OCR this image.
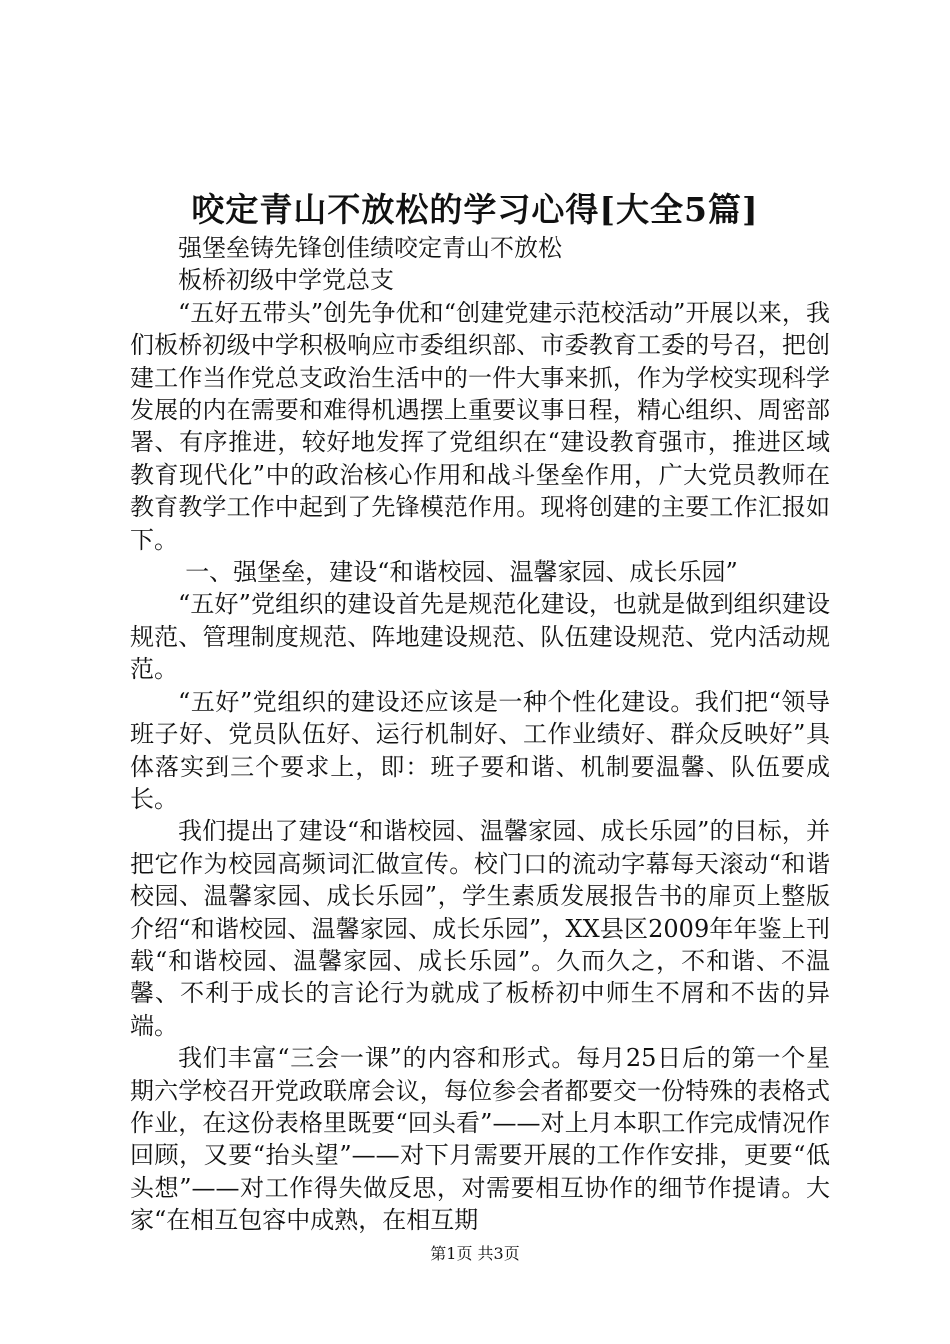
咬定青山不放松的学习心得[大全5篇]

强堡垒铸先锋创佳绩咬定青山不放松

板桥初级中学党总支

“五好五带头”创先争优和“创建党建示范校活动”开展以来，我们板桥初级中学积极响应市委组织部、市委教育工委的号召，把创建工作当作党总支政治生活中的一件大事来抓，作为学校实现科学发展的内在需要和难得机遇摆上重要议事日程，精心组织、周密部署、有序推进，较好地发挥了党组织在“建设教育强市，推进区域教育现代化”中的政治核心作用和战斗堡垒作用，广大党员教师在教育教学工作中起到了先锋模范作用。现将创建的主要工作汇报如下。

一、强堡垒，建设“和谐校园、温馨家园、成长乐园”

“五好”党组织的建设首先是规范化建设，也就是做到组织建设规范、管理制度规范、阵地建设规范、队伍建设规范、党内活动规范。

“五好”党组织的建设还应该是一种个性化建设。我们把“领导班子好、党员队伍好、运行机制好、工作业绩好、群众反映好”具体落实到三个要求上，即：班子要和谐、机制要温馨、队伍要成长。

我们提出了建设“和谐校园、温馨家园、成长乐园”的目标，并把它作为校园高频词汇做宣传。校门口的流动字幕每天滚动“和谐校园、温馨家园、成长乐园”，学生素质发展报告书的扉页上整版介绍“和谐校园、温馨家园、成长乐园”，XX县区2009年年鉴上刊载“和谐校园、温馨家园、成长乐园”。久而久之，不和谐、不温馨、不利于成长的言论行为就成了板桥初中师生不屑和不齿的异端。

我们丰富“三会一课”的内容和形式。每月25日后的第一个星期六学校召开党政联席会议，每位参会者都要交一份特殊的表格式作业，在这份表格里既要“回头看”——对上月本职工作完成情况作回顾，又要“抬头望”——对下月需要开展的工作作安排，更要“低头想”——对工作得失做反思，对需要相互协作的细节作提请。大家“在相互包容中成熟，在相互期

第1页 共3页
